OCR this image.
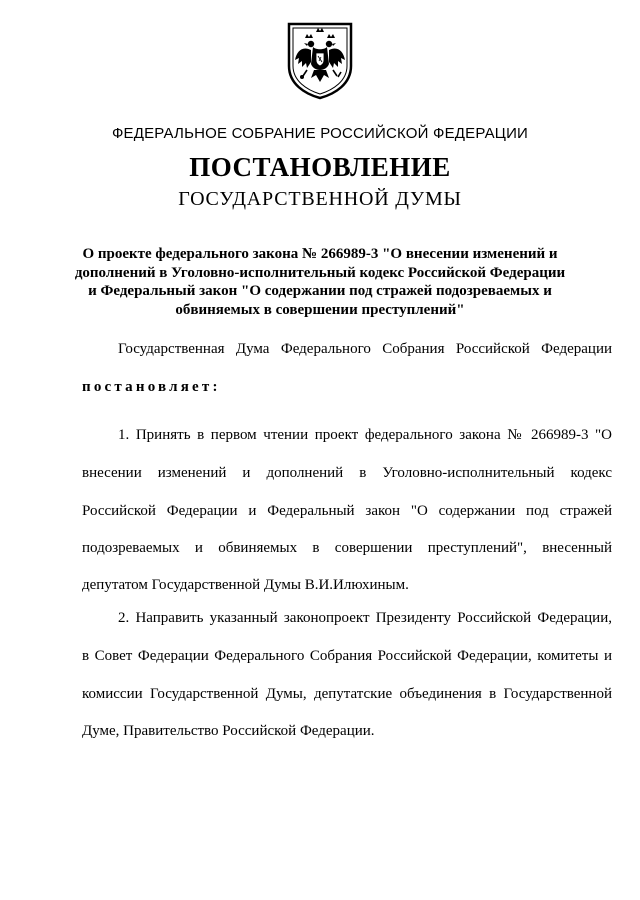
ФЕДЕРАЛЬНОЕ СОБРАНИЕ РОССИЙСКОЙ ФЕДЕРАЦИИ
ПОСТАНОВЛЕНИЕ
ГОСУДАРСТВЕННОЙ ДУМЫ
О проекте федерального закона № 266989-3 "О внесении изменений и
дополнений в Уголовно-исполнительный кодекс Российской Федерации
и Федеральный закон "О содержании под стражей подозреваемых и
обвиняемых в совершении преступлений"
Государственная Дума Федерального Собрания Российской Федерации
постановляет:
1. Принять в первом чтении проект федерального закона № 266989-3 "О
внесении изменений и дополнений в Уголовно-исполнительный кодекс
Российской Федерации и Федеральный закон "О содержании под стражей
подозреваемых и обвиняемых в совершении преступлений", внесенный
депутатом Государственной Думы В.И.Илюхиным.
2. Направить указанный законопроект Президенту Российской Федерации,
в Совет Федерации Федерального Собрания Российской Федерации, комитеты и
комиссии Государственной Думы, депутатские объединения в Государственной
Думе, Правительство Российской Федерации.
